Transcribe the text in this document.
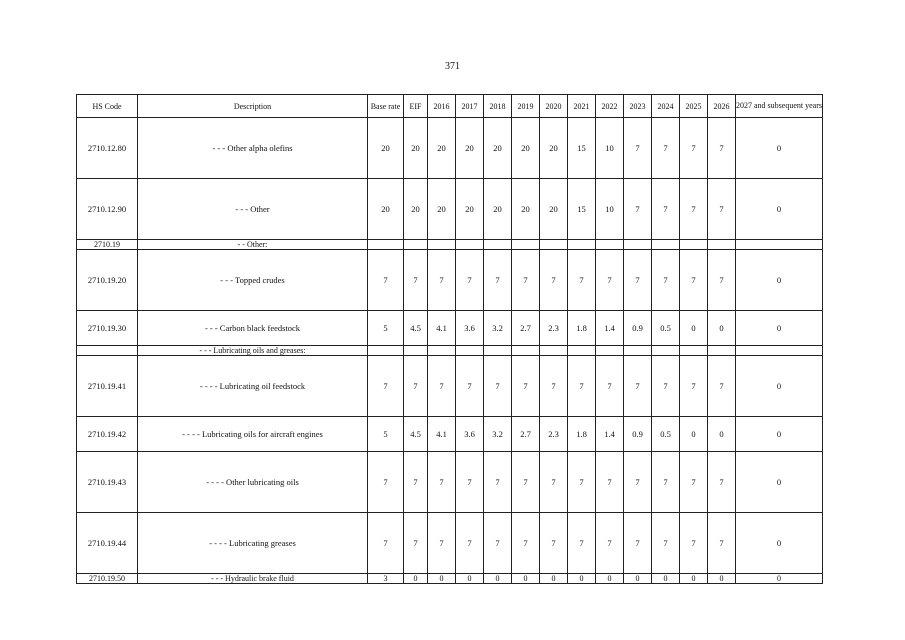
371
HS Code	Description	Base rate	EIF	2016	2017	2018	2019	2020	2021	2022	2023	2024	2025	2026	2027 and subsequent years
2710.12.80	- - - Other alpha olefins	20	20	20	20	20	20	20	15	10	7	7	7	7	0
2710.12.90	- - - Other	20	20	20	20	20	20	20	15	10	7	7	7	7	0
2710.19	- - Other:														
2710.19.20	- - - Topped crudes	7	7	7	7	7	7	7	7	7	7	7	7	7	0
2710.19.30	- - - Carbon black feedstock	5	4.5	4.1	3.6	3.2	2.7	2.3	1.8	1.4	0.9	0.5	0	0	0
	- - - Lubricating oils and greases:														
2710.19.41	- - - - Lubricating oil feedstock	7	7	7	7	7	7	7	7	7	7	7	7	7	0
2710.19.42	- - - - Lubricating oils for aircraft engines	5	4.5	4.1	3.6	3.2	2.7	2.3	1.8	1.4	0.9	0.5	0	0	0
2710.19.43	- - - - Other lubricating oils	7	7	7	7	7	7	7	7	7	7	7	7	7	0
2710.19.44	- - - - Lubricating greases	7	7	7	7	7	7	7	7	7	7	7	7	7	0
2710.19.50	- - - Hydraulic brake fluid	3	0	0	0	0	0	0	0	0	0	0	0	0	0
